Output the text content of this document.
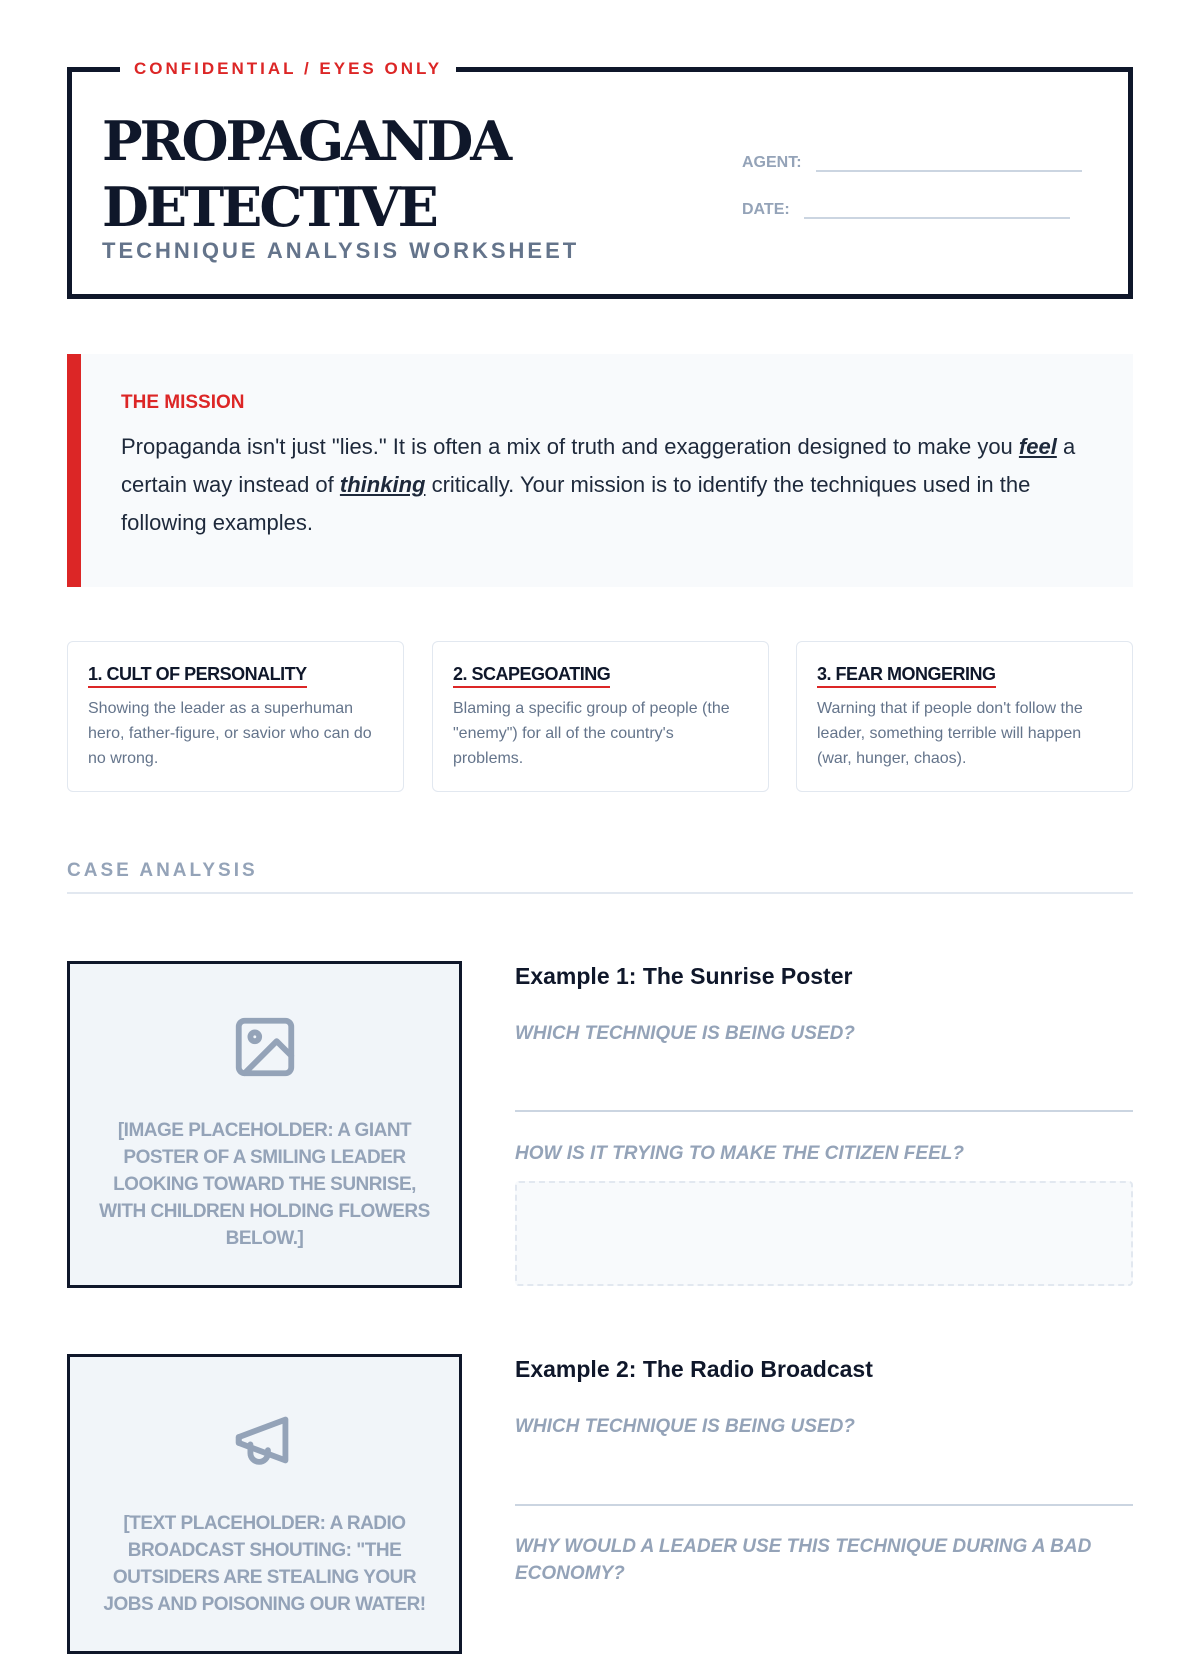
CONFIDENTIAL / EYES ONLY
PROPAGANDA
DETECTIVE
TECHNIQUE ANALYSIS WORKSHEET
AGENT:
DATE:
THE MISSION

Propaganda isn't just "lies." It is often a mix of truth and exaggeration designed to make you feel a certain way instead of thinking critically. Your mission is to identify the techniques used in the following examples.

1. CULT OF PERSONALITY
Showing the leader as a superhuman hero, father-figure, or savior who can do no wrong.
2. SCAPEGOATING
Blaming a specific group of people (the "enemy") for all of the country's problems.
3. FEAR MONGERING
Warning that if people don't follow the leader, something terrible will happen (war, hunger, chaos).
CASE ANALYSIS
[IMAGE PLACEHOLDER: A GIANT POSTER OF A SMILING LEADER LOOKING TOWARD THE SUNRISE, WITH CHILDREN HOLDING FLOWERS BELOW.]
Example 1: The Sunrise Poster
WHICH TECHNIQUE IS BEING USED?
HOW IS IT TRYING TO MAKE THE CITIZEN FEEL?
[TEXT PLACEHOLDER: A RADIO BROADCAST SHOUTING: "THE OUTSIDERS ARE STEALING YOUR JOBS AND POISONING OUR WATER!
Example 2: The Radio Broadcast
WHICH TECHNIQUE IS BEING USED?
WHY WOULD A LEADER USE THIS TECHNIQUE DURING A BAD ECONOMY?
